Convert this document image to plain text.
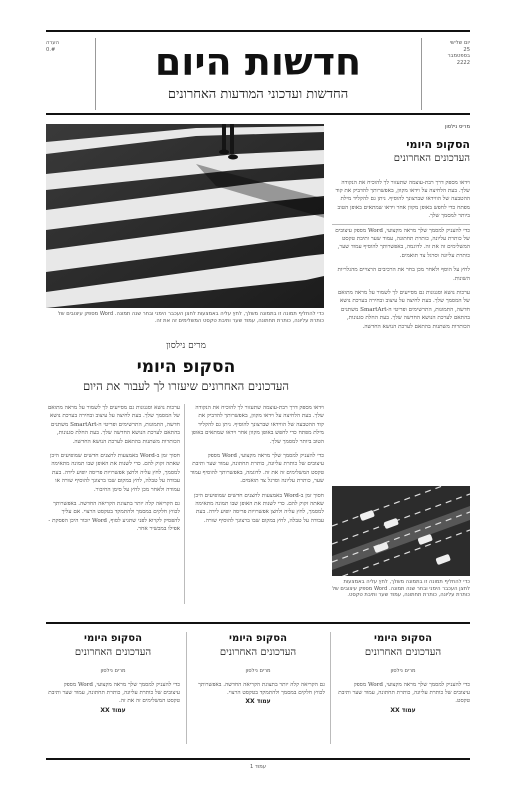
הערה
#.0	חדשות היום
החדשות ועדכוני המודעות האחרונים
יום שלישי
25
בספטמבר
2222
כדי להחליף תמונה זו בתמונה משלך, לחץ עליה באמצעות לחצן העכבר הימני ובחר שנה תמונה. Word מספק עיצובים של כותרת עליונה, כותרת תחתונה, עמוד שער ותיבת טקסט המשלימים זה את זה.
מריס נילסון
הסקופ היומי
העדכונים האחרונים

וידאו מספק דרך רבת-עוצמה שתעזור לך להוכיח את הנקודה שלך. בעת הלחיצה על וידאו מקוון, באפשרותך להדביק את קוד ההטבעה של הווידאו שברצונך להוסיף. ניתן גם להקליד מילת מפתח כדי לחפש באופן מקוון אחר וידאו שמתאים באופן הטוב ביותר למסמך שלך.

כדי להעניק למסמך שלך מראה מקצועי, Word מספק עיצובים של כותרת עליונה, כותרת תחתונה, עמוד שער ותיבת טקסט המשלימים זה את זה. לדוגמה, באפשרותך להוסיף עמוד שער, כותרת עליונה וסרגל צד תואמים.

לחץ על הוסף ולאחר מכן בחר את הרכיבים הרצויים מהגלריות השונות.

ערכות נושא וסגנונות גם מסייעים לך לשמור על מראה מתואם של המסמך שלך. בעת לחיצה על עיצוב ובחירה בערכת נושא חדשה, התמונות, התרשימים ופריטי ה-SmartArt משתנים בהתאם לערכת הנושא החדשה שלך. בעת החלת סגנונות, הכותרות משתנות בהתאם לערכת הנושא החדשה.

מרים נילסון
הסקופ היומי
העדכונים האחרונים שיעזרו לך לעבור את היום

ערכות נושא וסגנונות גם מסייעים לך לשמור על מראה מתואם של המסמך שלך. בעת לחיצה על עיצוב ובחירה בערכת נושא חדשה, התמונות, התרשימים ופריטי ה-SmartArt משתנים בהתאם לערכת הנושא החדשה שלך. בעת החלת סגנונות, הכותרות משתנות בהתאם לערכת הנושא החדשה.

חסוך זמן ב-Word באמצעות לחצנים חדשים שמופיעים היכן שאתה זקוק להם. כדי לשנות את האופן שבו תמונה מתאימה למסמך, לחץ עליה ולחצן אפשרויות פריסה יופיע לידה. בעת עבודה על טבלה, לחץ במקום שבו ברצונך להוסיף שורה או עמודה ולאחר מכן לחץ על סימן החיבור.

גם הקריאה קלה יותר בתצוגת הקריאה החדשה. באפשרותך לכווץ חלקים במסמך ולהתמקד בטקסט הרצוי. אם עליך להפסיק לקרוא לפני שתגיע לסוף, Word יזכור היכן הפסקת - אפילו במכשיר אחר.

וידאו מספק דרך רבת-עוצמה שתעזור לך להוכיח את הנקודה שלך. בעת הלחיצה על וידאו מקוון, באפשרותך להדביק את קוד ההטבעה של הווידאו שברצונך להוסיף. ניתן גם להקליד מילת מפתח כדי לחפש באופן מקוון אחר וידאו שמתאים באופן הטוב ביותר למסמך שלך.

כדי להעניק למסמך שלך מראה מקצועי, Word מספק עיצובים של כותרת עליונה, כותרת תחתונה, עמוד שער ותיבת טקסט המשלימים זה את זה. לדוגמה, באפשרותך להוסיף עמוד שער, כותרת עליונה וסרגל צד תואמים.

חסוך זמן ב-Word באמצעות לחצנים חדשים שמופיעים היכן שאתה זקוק להם. כדי לשנות את האופן שבו תמונה מתאימה למסמך, לחץ עליה ולחצן אפשרויות פריסה יופיע לידה. בעת עבודה על טבלה, לחץ במקום שבו ברצונך להוסיף שורה.

כדי להחליף תמונה זו בתמונה משלך, לחץ עליה באמצעות לחצן העכבר הימני ובחר שנה תמונה. Word מספק עיצובים של כותרת עליונה, כותרת תחתונה, עמוד שער ותיבת טקסט.
הסקופ היומי
העדכונים האחרונים
מרים נילסון

כדי להעניק למסמך שלך מראה מקצועי, Word מספק עיצובים של כותרת עליונה, כותרת תחתונה, עמוד שער ותיבת טקסט המשלימים זה את זה.

עמוד XX
הסקופ היומי
העדכונים האחרונים
מרים נילסון

גם הקריאה קלה יותר בתצוגת הקריאה החדשה. באפשרותך לכווץ חלקים במסמך ולהתמקד בטקסט הרצוי.

עמוד XX
הסקופ היומי
העדכונים האחרונים
מרים נילסון

כדי להעניק למסמך שלך מראה מקצועי, Word מספק עיצובים של כותרת עליונה, כותרת תחתונה, עמוד שער ותיבת טקסט.

עמוד XX
עמוד 1
